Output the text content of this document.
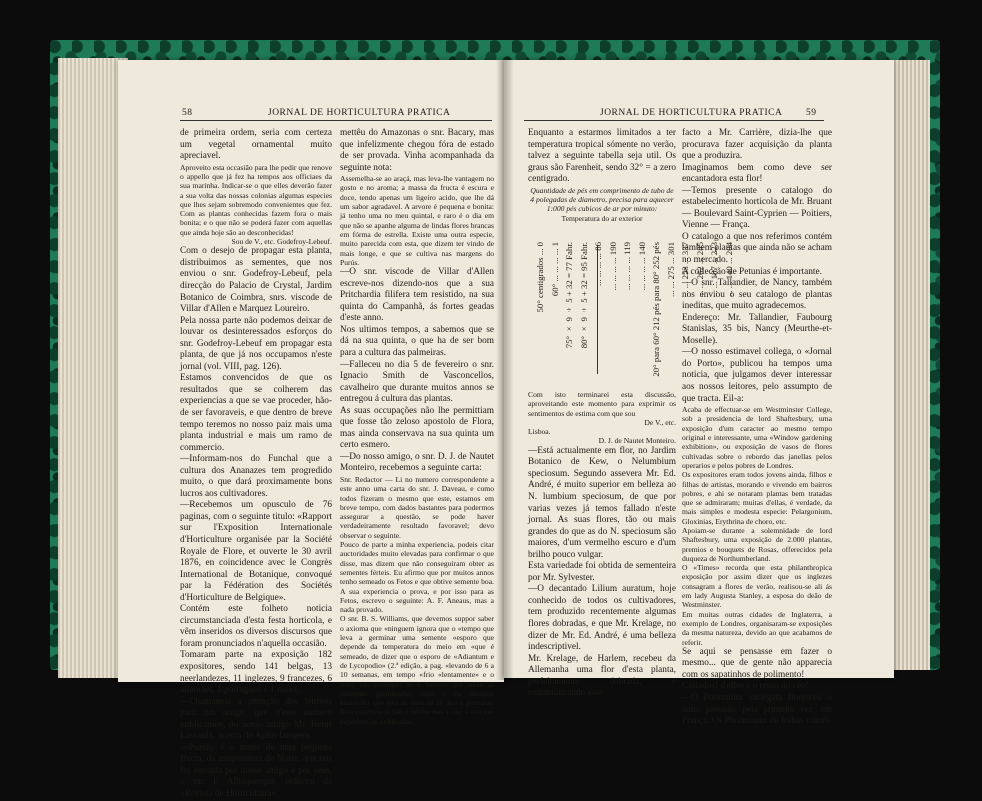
58	JORNAL DE HORTICULTURA PRATICA

de primeira ordem, seria com certeza um vegetal ornamental muito apreciavel.

Aproveito esta occasião para lhe pedir que renove o appello que já fez ha tempos aos officiaes da sua marinha. Indicar-se o que elles deverão fazer a sua volta das nossas colonias algumas especies que lhes sejam sobremodo convenientes que fez. Com as plantas conhecidas fazem fora o mais bonita; e o que não se poderá fazer com aquellas que ainda hoje são ao desconhecidas!

Sou de V., etc. Godefroy-Lebeuf.

Com o desejo de propagar esta planta, distribuimos as sementes, que nos enviou o snr. Godefroy-Lebeuf, pela direcção do Palacio de Crystal, Jardim Botanico de Coimbra, snrs. viscode de Villar d'Allen e Marquez Loureiro.

Pela nossa parte não podemos deixar de louvar os desinteressados esforços do snr. Godefroy-Lebeuf em propagar esta planta, de que já nos occupamos n'este jornal (vol. VIII, pag. 126).

Estamos convencidos de que os resultados que se colherem das experiencias a que se vae proceder, hão-de ser favoraveis, e que dentro de breve tempo teremos no nosso paiz mais uma planta industrial e mais um ramo de commercio.

—Informam-nos do Funchal que a cultura dos Ananazes tem progredido muito, o que dará proximamente bons lucros aos cultivadores.

—Recebemos um opusculo de 76 paginas, com o seguinte titulo: «Rapport sur l'Exposition Internationale d'Horticulture organisée par la Société Royale de Flore, et ouverte le 30 avril 1876, en coincidence avec le Congrès International de Botanique, convoqué par la Fédération des Sociétés d'Horticulture de Belgique».

Contém este folheto noticia circumstanciada d'esta festa horticola, e vêm inseridos os diversos discursos que foram pronunciados n'aquella occasião.

Tomaram parte na exposição 182 expositores, sendo 141 belgas, 13 neerlandezes, 11 inglezes, 9 francezes, 6 allemães, 1 portuguez e 1 russo.

—Chamamos a attenção dos leitores para um artigo, que n'este numero publicamos, do nosso amigo Mr. Henri Lassaulx, ácerca do Aphis lanigera.

—Purshy é o nome de uma pequena fructa, da temperatura do Norte, que nos foi enviada por nosso amigo e por seus, o snr. F. Albuquerque, redactor da «Revista de Horticultura»;

mettêu do Amazonas o snr. Bacary, mas que infelizmente chegou fóra de estado de ser provada. Vinha acompanhada da seguinte nota:

Assemelha-se ao araçá, mas leva-lhe vantagem no gosto e no aroma; a massa da fructa é escura e doce, tendo apenas um ligeiro acido, que lhe dá um sabor agradavel. A arvore é pequena e bonita: já tenho uma no meu quintal, e raro é o dia em que não se apanhe alguma de lindas flores brancas em fórma de estrella. Existe uma outra especie, muito parecida com esta, que dizem ter vindo de mais longe, e que se cultiva nas margens do Purús.

—O snr. viscode de Villar d'Allen escreve-nos dizendo-nos que a sua Pritchardia filifera tem resistido, na sua quinta do Campanhã, ás fortes geadas d'este anno.

Nos ultimos tempos, a sabemos que se dá na sua quinta, o que ha de ser bom para a cultura das palmeiras.

—Falleceu no dia 5 de fevereiro o snr. Ignacio Smith de Vasconcellos, cavalheiro que durante muitos annos se entregou á cultura das plantas.

As suas occupações não lhe permittiam que fosse tão zeloso apostolo de Flora, mas ainda conservava na sua quinta um certo esmero.

—Do nosso amigo, o snr. D. J. de Nautet Monteiro, recebemos a seguinte carta:

Snr. Redactor — Li no numero correspondente a este anno uma carta do snr. J. Daveau, e como todos fizeram o mesmo que este, estamos em breve tempo, com dados bastantes para podermos assegurar a questão, se pode haver verdadeiramente resultado favoravel; devo observar o seguinte.

Pouco de parte a minha experiencia, podeis citar auctoridades muito elevadas para confirmar o que disse, mas dizem que não conseguiram obter as sementes férteis. Eu afirmo que por muitos annos tenho semeado os Fetos e que obtive semente boa. A sua experiencia o prova, e por isso para as Fetos, escrevo o seguinte: A. F. Aneaus, mas a nada provado.

O snr. B. S. Williams, que devemos suppor saber o axioma que «ninguem ignora que o «tempo que leva a germinar uma semente «esporo que depende da temperatura do meio em «que é semeado, de dizer que o esporo de «Adiantum e de Lycopodio» (2.ª edição, a pag. «levando de 6 a 10 semanas, em tempo «frio «lentamente» e o resto «ao principio de 6 mezes» que serão as sementes germinadas; tudo é da maxima exactidão, que leva ao mais de 20 dias a germinar. Está experiencia não é minha mas a sua, e está nas experiencias publicadas.

JORNAL DE HORTICULTURA PRATICA 59

Enquanto a estarmos limitados a ter temperatura tropical sómente no verão, talvez a seguinte tabella seja util. Os graus são Farenheit, sendo 32° = a zero centigrado.

Quantidade de pés em comprimento de tubo de 4 polegadas de diametro, precisa para aquecer 1:000 pés cubicos de ar por minuto:

Temperatura do ar exterior

50° centigrados ... 0 60° ... ... ... ... 1 75° × 9 ÷ 5 + 32 = 77 Fahr. 80° × 9 ÷ 5 + 32 = 95 Fahr. ... ... ... ... 86 ... ... ... ... 190 ... ... ... ... 119 ... ... ... ... 140 20° para 60° 212 pés para 80° 252 pés ... ... 275 ... 301 ... ... 253 ... 337 ... ... 262 ... 285 ... ... 187 ... 223 ... ... 140 ... 204

Com isto terminarei esta discussão, aproveitando este momento para exprimir os sentimentos de estima com que sou

De V., etc.

Lisboa.

D. J. de Nautet Monteiro.

—Está actualmente em flor, no Jardim Botanico de Kew, o Nelumbium speciosum. Segundo assevera Mr. Ed. André, é muito superior em belleza ao N. lumbium speciosum, de que por varias vezes já temos fallado n'este jornal. As suas flores, tão ou mais grandes do que as do N. speciosum são maiores, d'um vermelho escuro e d'um brilho pouco vulgar.

Esta variedade foi obtida de sementeira por Mr. Sylvester.

—O decantado Lilium auratum, hoje conhecido de todos os cultivadores, tem produzido recentemente algumas flores dobradas, e que Mr. Krelage, no dizer de Mr. Ed. André, é uma belleza indescriptivel.

Mr. Krelage, de Harlem, recebeu da Allemanha uma flor d'esta planta, perfeitamente dobrada, e communicando este

facto a Mr. Carrière, dizia-lhe que procurava fazer acquisição da planta que a produzira.

Imaginamos bem como deve ser encantadora esta flor!

—Temos presente o catalogo do estabelecimento horticola de Mr. Bruant — Boulevard Saint-Cyprien — Poitiers, Vienne — França.

O catalogo a que nos referimos contém tambem plantas que ainda não se acham no mercado.

A collecção de Petunias é importante.

—O snr. Tallandier, de Nancy, também nos enviou o seu catalogo de plantas ineditas, que muito agradecemos.

Endereço: Mr. Tallandier, Faubourg Stanislas, 35 bis, Nancy (Meurthe-et-Moselle).

—O nosso estimavel collega, o «Jornal do Porto», publicou ha tempos uma noticia, que julgamos dever interessar aos nossos leitores, pelo assumpto de que tracta. Eil-a:

Acaba de effectuar-se em Westminster College, sob a presidencia de lord Shaftesbury, uma exposição d'um caracter ao mesmo tempo original e interessante, uma «Window gardening exhibition», ou exposição de vasos de flores cultivadas sobre o rebordo das janellas pelos operarios e pelos pobres de Londres.

Os expositores eram todos jovens ainda, filhos e filhas de artistas, morando e vivendo em bairros pobres, e ahi se notaram plantas bem tratadas que se admiraram; muitas d'ellas, é verdade, da mais simples e modesta especie: Pelargonium, Gloxinias, Erythrina de choro, etc.

Apoiam-se durante a solemnidade de lord Shaftesbury, uma exposição de 2.000 plantas, premios e bouquets de Rosas, offerecidos pela duqueza de Northumberland.

O «Times» recorda que esta philanthropica exposição por assim dizer que os inglezes consagram a flores de verão, realisou-se ali ás em lady Augusta Stanley, a esposa do deão de Westminster.

Em muitas outras cidades de Inglaterra, a exemplo de Londres, organisaram-se exposições da mesma natureza, devido ao que acabamos de referir.

Se aqui se pensasse em fazer o mesmo... que de gente não apparecia com os sapatinhos de polimento!

Coitados! d'elles é o reino do céo!

—O Phormium variegata floresceu o anno passado, pela primeira vez, em França. Os Phormiums de folhas colori-
